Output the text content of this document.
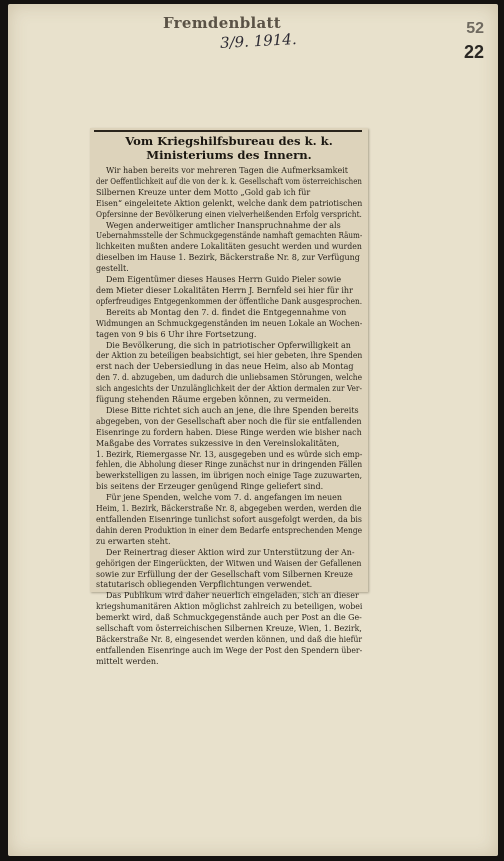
Fremdenblatt
3/9. 1914.
52
22
Vom Kriegshilfsbureau des k. k. Ministeriums des Innern.

Wir haben bereits vor mehreren Tagen die Aufmerksamkeit

der Oeffentlichkeit auf die von der k. k. Gesellschaft vom österreichischen

Silbernen Kreuze unter dem Motto „Gold gab ich für

Eisen“ eingeleitete Aktion gelenkt, welche dank dem patriotischen

Opfersinne der Bevölkerung einen vielverheißenden Erfolg verspricht.

Wegen anderweitiger amtlicher Inanspruchnahme der als

Uebernahmsstelle der Schmuckgegenstände namhaft gemachten Räum-

lichkeiten mußten andere Lokalitäten gesucht werden und wurden

dieselben im Hause 1. Bezirk, Bäckerstraße Nr. 8, zur Verfügung

gestellt.

Dem Eigentümer dieses Hauses Herrn Guido Pieler sowie

dem Mieter dieser Lokalitäten Herrn J. Bernfeld sei hier für ihr

opferfreudiges Entgegenkommen der öffentliche Dank ausgesprochen.

Bereits ab Montag den 7. d. findet die Entgegennahme von

Widmungen an Schmuckgegenständen im neuen Lokale an Wochen-

tagen von 9 bis 6 Uhr ihre Fortsetzung.

Die Bevölkerung, die sich in patriotischer Opferwilligkeit an

der Aktion zu beteiligen beabsichtigt, sei hier gebeten, ihre Spenden

erst nach der Uebersiedlung in das neue Heim, also ab Montag

den 7. d. abzugeben, um dadurch die unliebsamen Störungen, welche

sich angesichts der Unzulänglichkeit der der Aktion dermalen zur Ver-

fügung stehenden Räume ergeben können, zu vermeiden.

Diese Bitte richtet sich auch an jene, die ihre Spenden bereits

abgegeben, von der Gesellschaft aber noch die für sie entfallenden

Eisenringe zu fordern haben. Diese Ringe werden wie bisher nach

Maßgabe des Vorrates sukzessive in den Vereinslokalitäten,

1. Bezirk, Riemergasse Nr. 13, ausgegeben und es würde sich emp-

fehlen, die Abholung dieser Ringe zunächst nur in dringenden Fällen

bewerkstelligen zu lassen, im übrigen noch einige Tage zuzuwarten,

bis seitens der Erzeuger genügend Ringe geliefert sind.

Für jene Spenden, welche vom 7. d. angefangen im neuen

Heim, 1. Bezirk, Bäckerstraße Nr. 8, abgegeben werden, werden die

entfallenden Eisenringe tunlichst sofort ausgefolgt werden, da bis

dahin deren Produktion in einer dem Bedarfe entsprechenden Menge

zu erwarten steht.

Der Reinertrag dieser Aktion wird zur Unterstützung der An-

gehörigen der Eingerückten, der Witwen und Waisen der Gefallenen

sowie zur Erfüllung der der Gesellschaft vom Silbernen Kreuze

statutarisch obliegenden Verpflichtungen verwendet.

Das Publikum wird daher neuerlich eingeladen, sich an dieser

kriegshumanitären Aktion möglichst zahlreich zu beteiligen, wobei

bemerkt wird, daß Schmuckgegenstände auch per Post an die Ge-

sellschaft vom österreichischen Silbernen Kreuze, Wien, 1. Bezirk,

Bäckerstraße Nr. 8, eingesendet werden können, und daß die hiefür

entfallenden Eisenringe auch im Wege der Post den Spendern über-

mittelt werden.
